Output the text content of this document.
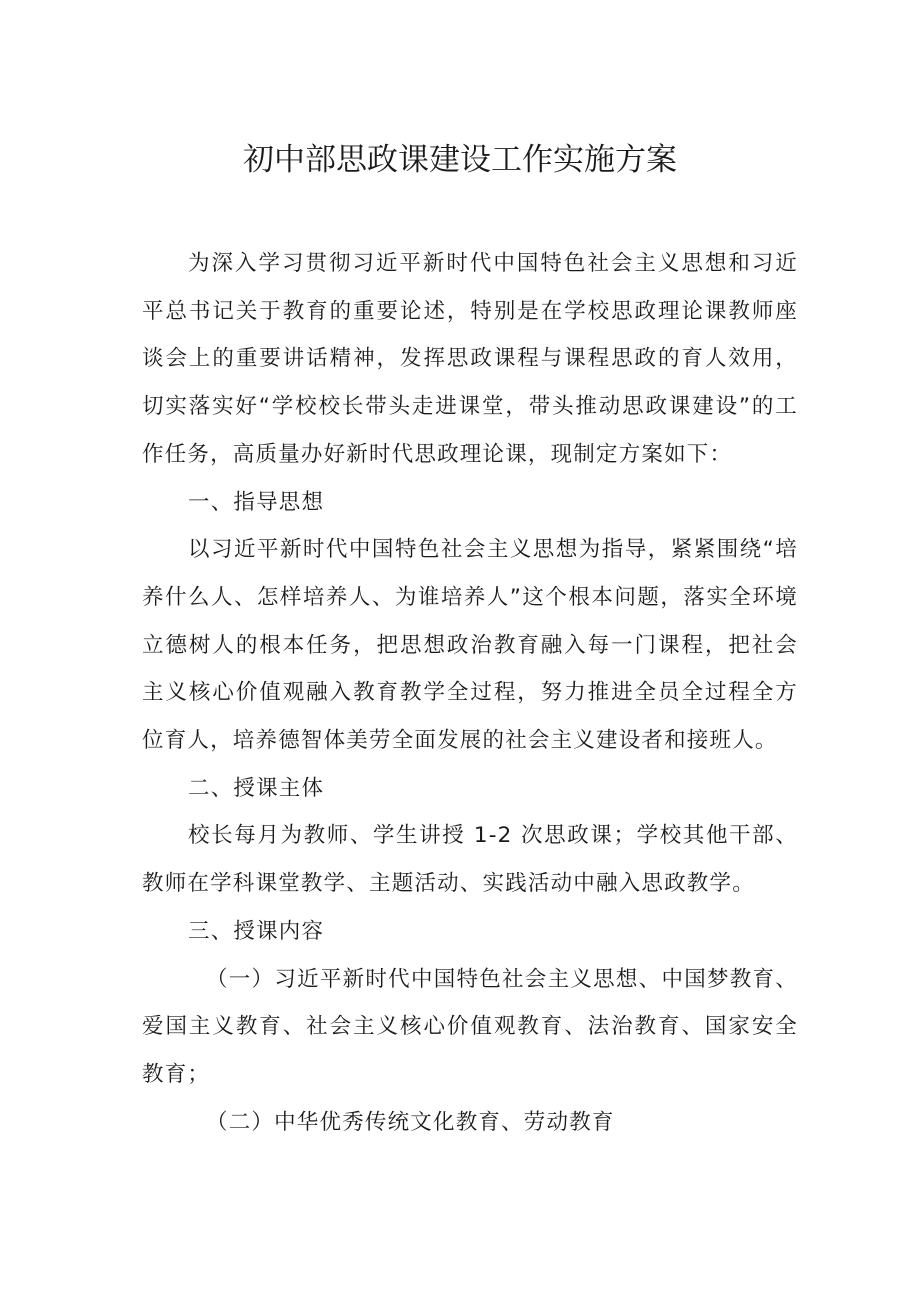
初中部思政课建设工作实施方案

为深入学习贯彻习近平新时代中国特色社会主义思想和习近平总书记关于教育的重要论述，特别是在学校思政理论课教师座谈会上的重要讲话精神，发挥思政课程与课程思政的育人效用，切实落实好“学校校长带头走进课堂，带头推动思政课建设”的工作任务，高质量办好新时代思政理论课，现制定方案如下：

一、指导思想

以习近平新时代中国特色社会主义思想为指导，紧紧围绕“培养什么人、怎样培养人、为谁培养人”这个根本问题，落实全环境立德树人的根本任务，把思想政治教育融入每一门课程，把社会主义核心价值观融入教育教学全过程，努力推进全员全过程全方位育人，培养德智体美劳全面发展的社会主义建设者和接班人。

二、授课主体

校长每月为教师、学生讲授 1-2 次思政课；学校其他干部、教师在学科课堂教学、主题活动、实践活动中融入思政教学。

三、授课内容

（一）习近平新时代中国特色社会主义思想、中国梦教育、爱国主义教育、社会主义核心价值观教育、法治教育、国家安全教育；

（二）中华优秀传统文化教育、劳动教育
